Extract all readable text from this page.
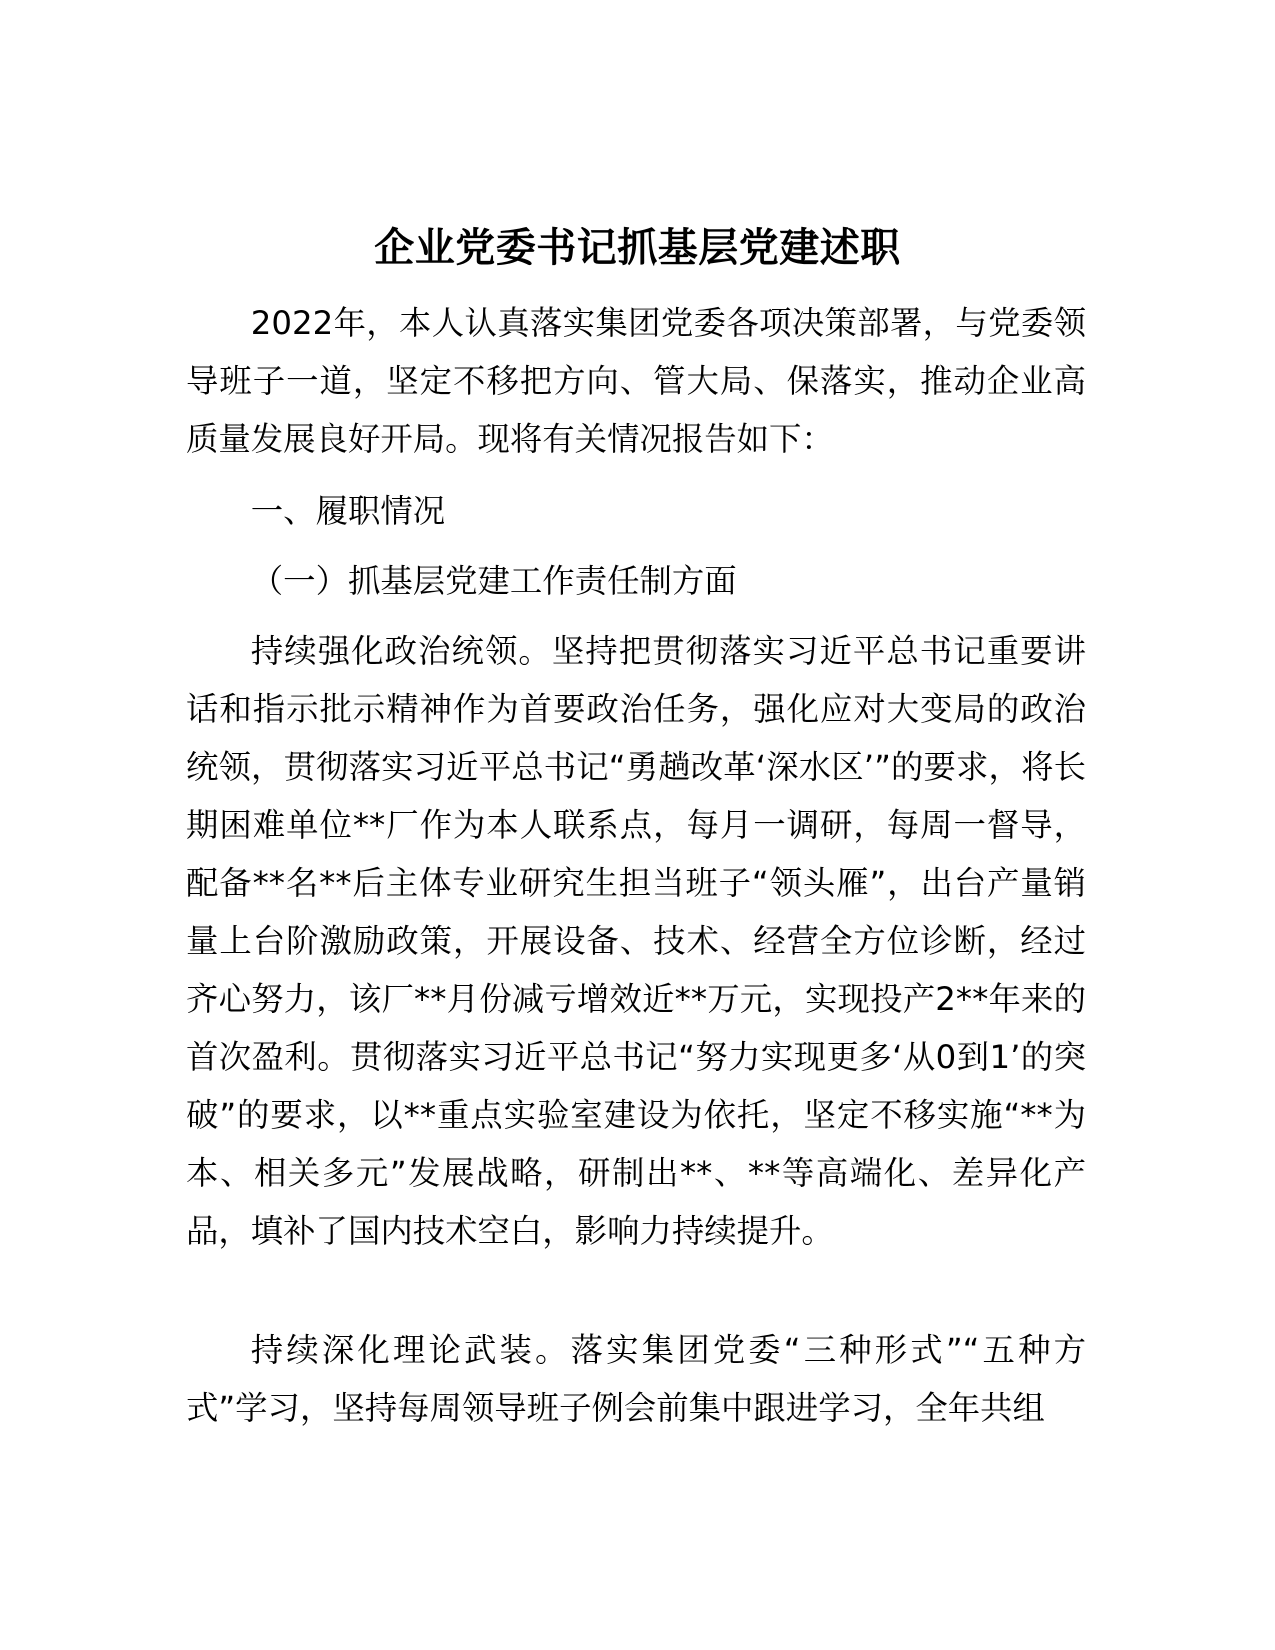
企业党委书记抓基层党建述职

2022年，本人认真落实集团党委各项决策部署，与党委领导班子一道，坚定不移把方向、管大局、保落实，推动企业高质量发展良好开局。现将有关情况报告如下：

一、履职情况

（一）抓基层党建工作责任制方面

持续强化政治统领。坚持把贯彻落实习近平总书记重要讲话和指示批示精神作为首要政治任务，强化应对大变局的政治统领，贯彻落实习近平总书记“勇趟改革‘深水区’”的要求，将长期困难单位**厂作为本人联系点，每月一调研，每周一督导，配备**名**后主体专业研究生担当班子“领头雁”，出台产量销量上台阶激励政策，开展设备、技术、经营全方位诊断，经过齐心努力，该厂**月份减亏增效近**万元，实现投产2**年来的首次盈利。贯彻落实习近平总书记“努力实现更多‘从0到1’的突破”的要求，以**重点实验室建设为依托，坚定不移实施“**为本、相关多元”发展战略，研制出**、**等高端化、差异化产品，填补了国内技术空白，影响力持续提升。

持续深化理论武装。落实集团党委“三种形式”“五种方式”学习，坚持每周领导班子例会前集中跟进学习，全年共组
